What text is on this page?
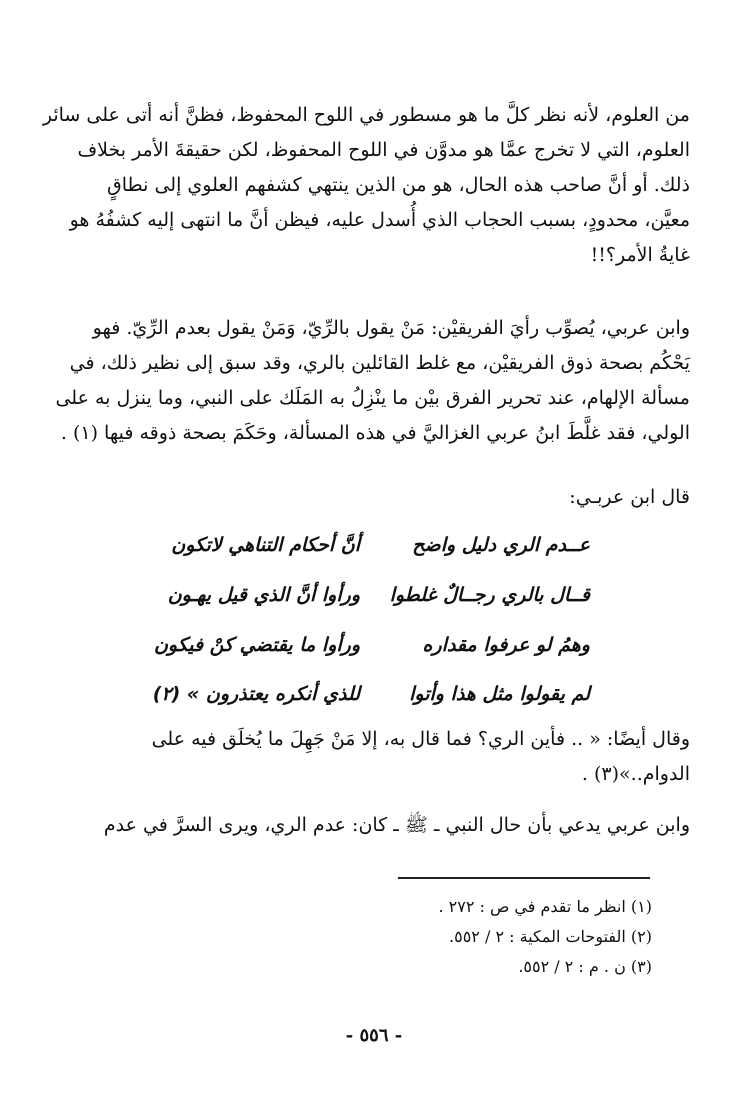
من العلوم، لأنه نظر كلَّ ما هو مسطور في اللوح المحفوظ، فظنَّ أنه أتى على سائر
العلوم، التي لا تخرج عمَّا هو مدوَّن في اللوح المحفوظ، لكن حقيقةَ الأمر بخلاف
ذلك. أو أنَّ صاحب هذه الحال، هو من الذين ينتهي كشفهم العلوي إلى نطاقٍ
معيَّن، محدودٍ، بسبب الحجاب الذي أُسدل عليه، فيظن أنَّ ما انتهى إليه كشفُهُ هو
غايةُ الأمر؟!!
وابن عربي، يُصوِّب رأيَ الفريقيْن: مَنْ يقول بالرِّيّ، وَمَنْ يقول بعدم الرِّيّ. فهو
يَحْكُم بصحة ذوق الفريقيْن، مع غلط القائلين بالري، وقد سبق إلى نظير ذلك، في
مسألة الإلهام، عند تحرير الفرق بيْن ما ينْزِلُ به المَلَك على النبي، وما ينزل به على
الولي، فقد غلَّطَ ابنُ عربي الغزاليَّ في هذه المسألة، وحَكَمَ بصحة ذوقه فيها (١) .
قال ابن عربـي:
عــدم الري دليل واضح
أنَّ أحكام التناهي لاتكون
قــال بالري رجــالٌ غلطوا
ورأوا أنَّ الذي قيل يهـون
وهمُ لو عرفوا مقداره
ورأوا ما يقتضي كنْ فيكون
لم يقولوا مثل هذا وأتوا
للذي أنكره يعتذرون » (٢)
وقال أيضًا: « .. فأين الري؟ فما قال به، إلا مَنْ جَهِلَ ما يُخلَق فيه على
الدوام..»(٣) .
وابن عربي يدعي بأن حال النبي ـ ﷺ ـ كان: عدم الري، ويرى السرَّ في عدم
(١) انظر ما تقدم في ص : ٢٧٢ .
(٢) الفتوحات المكية : ٢ / ٥٥٢.
(٣) ن . م : ٢ / ٥٥٢.
- ٥٥٦ -
